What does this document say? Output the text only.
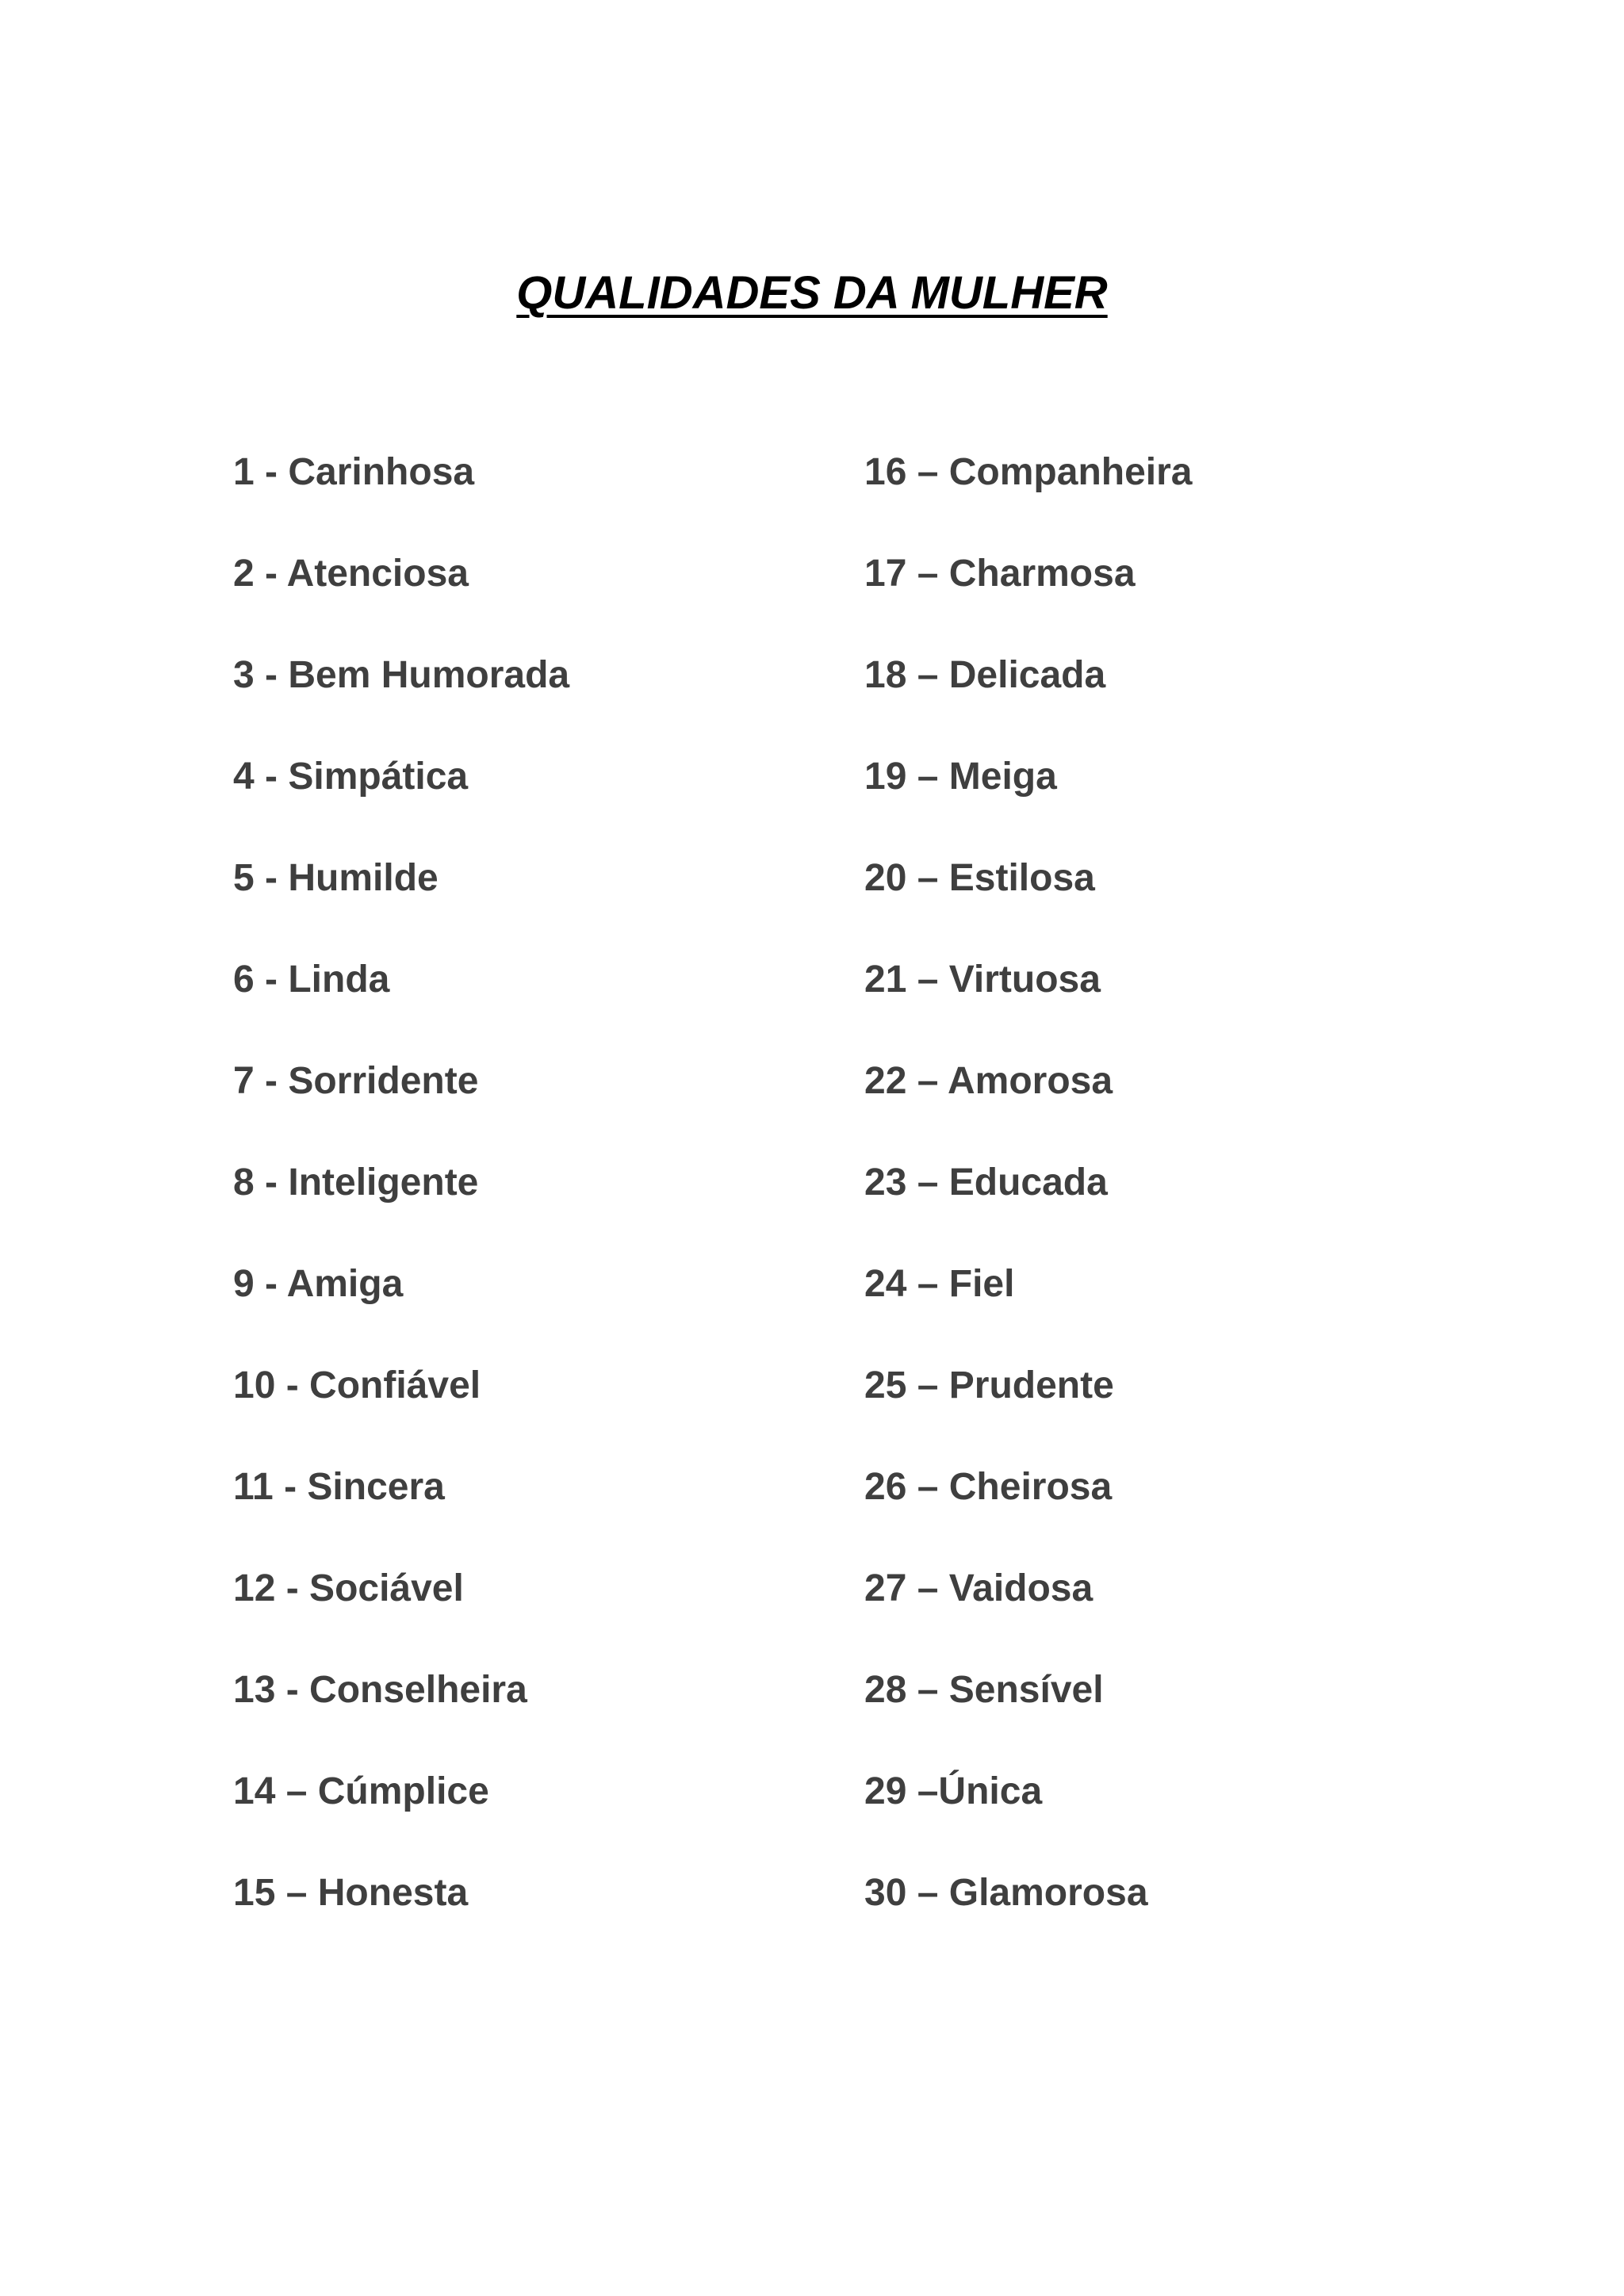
QUALIDADES DA MULHER
1 - Carinhosa
2 - Atenciosa
3 - Bem Humorada
4 - Simpática
5 - Humilde
6 - Linda
7 - Sorridente
8 - Inteligente
9 - Amiga
10 - Confiável
11 - Sincera
12 - Sociável
13 - Conselheira
14 – Cúmplice
15 – Honesta
16 – Companheira
17 – Charmosa
18 – Delicada
19 – Meiga
20 – Estilosa
21 – Virtuosa
22 – Amorosa
23 – Educada
24 – Fiel
25 – Prudente
26 – Cheirosa
27 – Vaidosa
28 – Sensível
29 –Única
30 – Glamorosa
